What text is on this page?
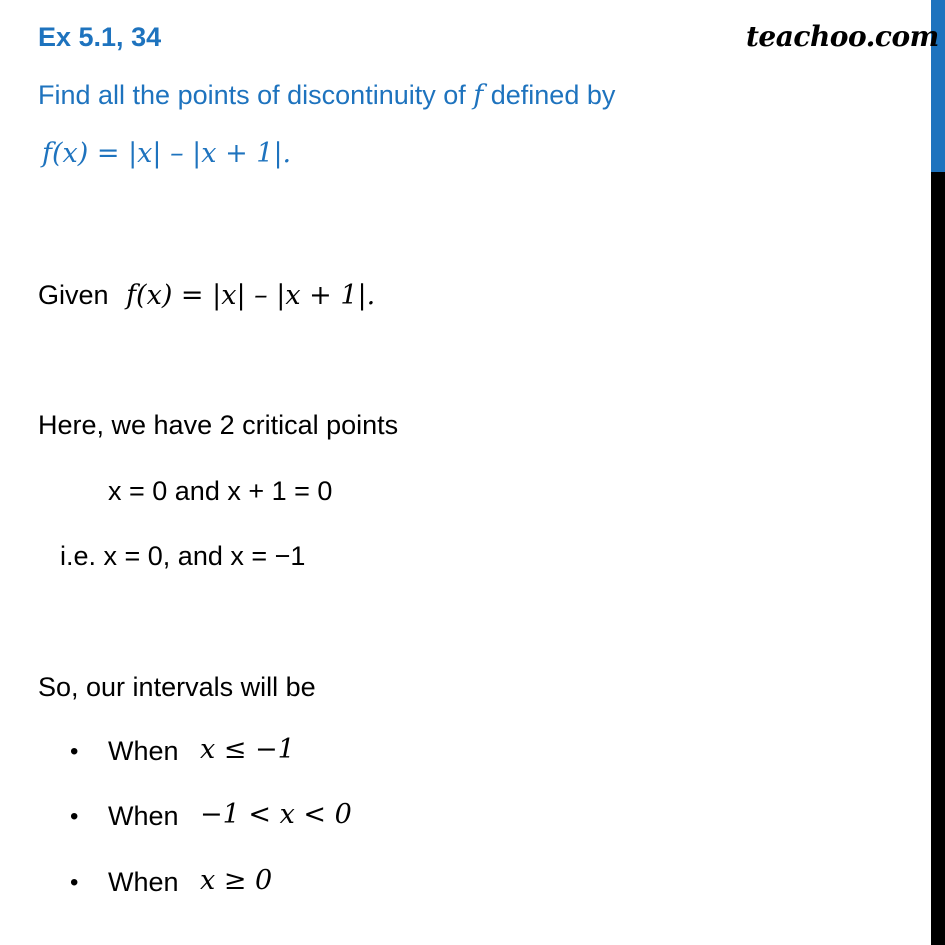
Ex 5.1, 34	teachoo.com
Find all the points of discontinuity of f defined by
f(x) = |x| – |x + 1|.
Given f(x) = |x| – |x + 1|.
Here, we have 2 critical points
x = 0 and x + 1 = 0
i.e. x = 0, and x = −1
So, our intervals will be
• When x ≤ −1
• When −1 < x < 0
• When x ≥ 0
